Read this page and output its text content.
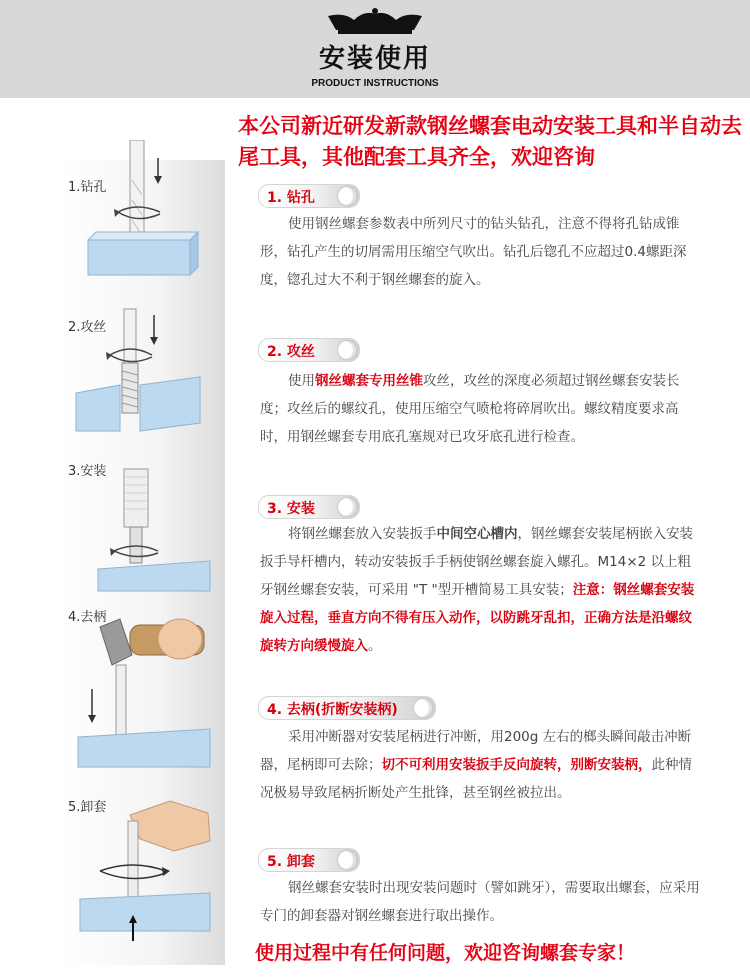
安装使用
PRODUCT INSTRUCTIONS
本公司新近研发新款钢丝螺套电动安装工具和半自动去尾工具，其他配套工具齐全，欢迎咨询
1.钻孔
2.攻丝
3.安装
4.去柄
5.卸套
1. 钻孔
使用钢丝螺套参数表中所列尺寸的钻头钻孔，注意不得将孔钻成锥形，钻孔产生的切屑需用压缩空气吹出。钻孔后锪孔不应超过0.4螺距深度，锪孔过大不利于钢丝螺套的旋入。
2. 攻丝
使用钢丝螺套专用丝锥攻丝，攻丝的深度必须超过钢丝螺套安装长度；攻丝后的螺纹孔，使用压缩空气喷枪将碎屑吹出。螺纹精度要求高时，用钢丝螺套专用底孔塞规对已攻牙底孔进行检查。
3. 安装
将钢丝螺套放入安装扳手中间空心槽内，钢丝螺套安装尾柄嵌入安装扳手导杆槽内，转动安装扳手手柄使钢丝螺套旋入螺孔。M14×2 以上粗牙钢丝螺套安装，可采用 "T "型开槽简易工具安装；注意：钢丝螺套安装旋入过程，垂直方向不得有压入动作，以防跳牙乱扣，正确方法是沿螺纹旋转方向缓慢旋入。
4. 去柄(折断安装柄)
采用冲断器对安装尾柄进行冲断，用200g 左右的榔头瞬间敲击冲断器，尾柄即可去除；切不可利用安装扳手反向旋转，别断安装柄，此种情况极易导致尾柄折断处产生批锋，甚至钢丝被拉出。
5. 卸套
钢丝螺套安装时出现安装问题时（譬如跳牙），需要取出螺套，应采用专门的卸套器对钢丝螺套进行取出操作。
使用过程中有任何问题，欢迎咨询螺套专家！
